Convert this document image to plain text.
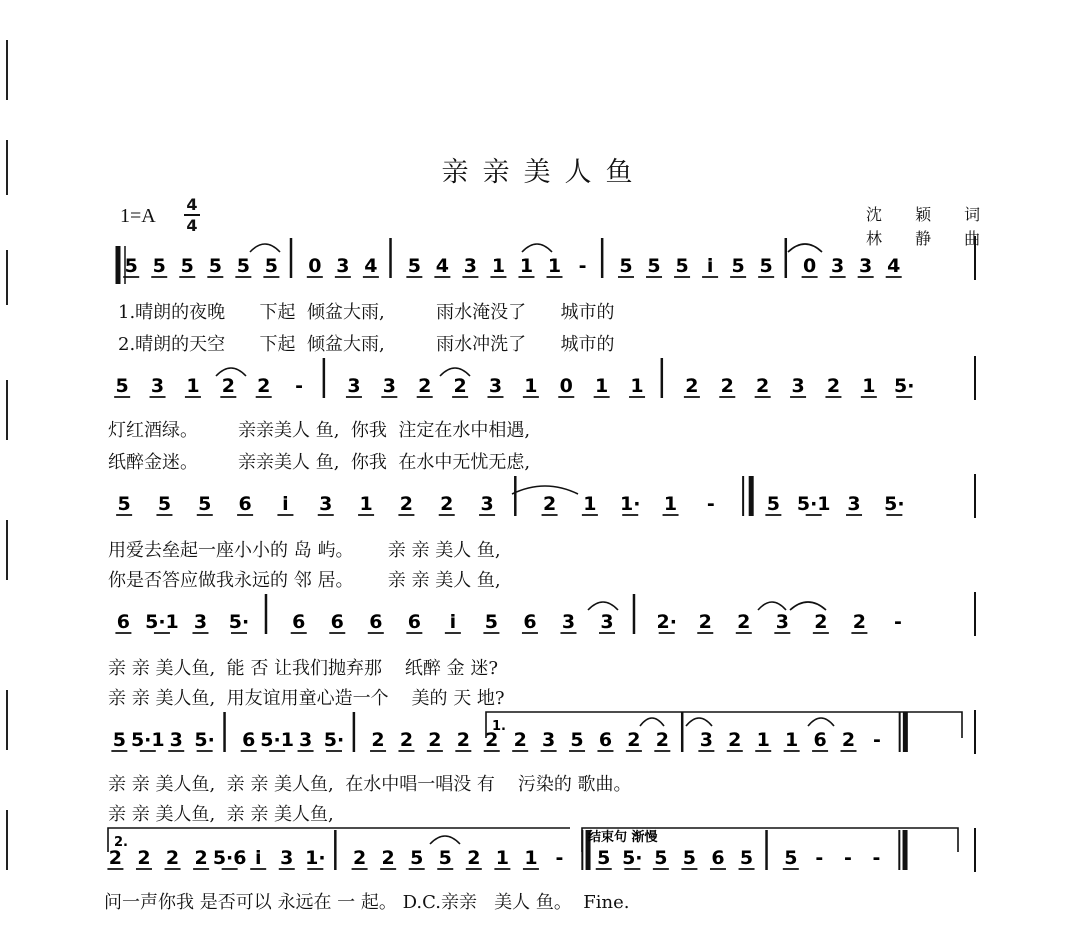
亲亲美人鱼
1=A
4
4
沈 颖 词
林 静 曲
5 5 5 5 5 5 0 3 4 5 4 3 1 1 1 - 5 5 5 i 5 5 0 3 3 4
5 3 1 2 2 - 3 3 2 2 3 1 0 1 1 2 2 2 3 2 1 5·
5 5 5 6 i 3 1 2 2 3	2 1 1· 1 -	5 5·1 3 5·
6 5·1 3 5· 6 6 6 6 i 5 6 3 3 2· 2 2 3 2 2 -
5 5·1 3 5· 6 5·1 3 5· 2 2 2 2 2 2 3 5 6 2 2 3 2 1 1 6 2 -
2 2 2 2 5·6 i 3 1· 2 2 5 5 2 1 1 - 5 5· 5 5 6 5 5 - - -
1.
2.	结束句 渐慢
1.晴朗的夜晚      下起  倾盆大雨,         雨水淹没了      城市的
2.晴朗的天空      下起  倾盆大雨,         雨水冲洗了      城市的
灯红酒绿。       亲亲美人 鱼,  你我  注定在水中相遇,
纸醉金迷。       亲亲美人 鱼,  你我  在水中无忧无虑,
用爱去垒起一座小小的 岛 屿。      亲 亲 美人 鱼,
你是否答应做我永远的 邻 居。      亲 亲 美人 鱼,
亲 亲 美人鱼,  能 否 让我们抛弃那    纸醉 金 迷?
亲 亲 美人鱼,  用友谊用童心造一个    美的 天 地?
亲 亲 美人鱼,  亲 亲 美人鱼,  在水中唱一唱没 有    污染的 歌曲。
亲 亲 美人鱼,  亲 亲 美人鱼,
问一声你我 是否可以 永远在 一 起。 D.C.亲亲   美人 鱼。  Fine.
